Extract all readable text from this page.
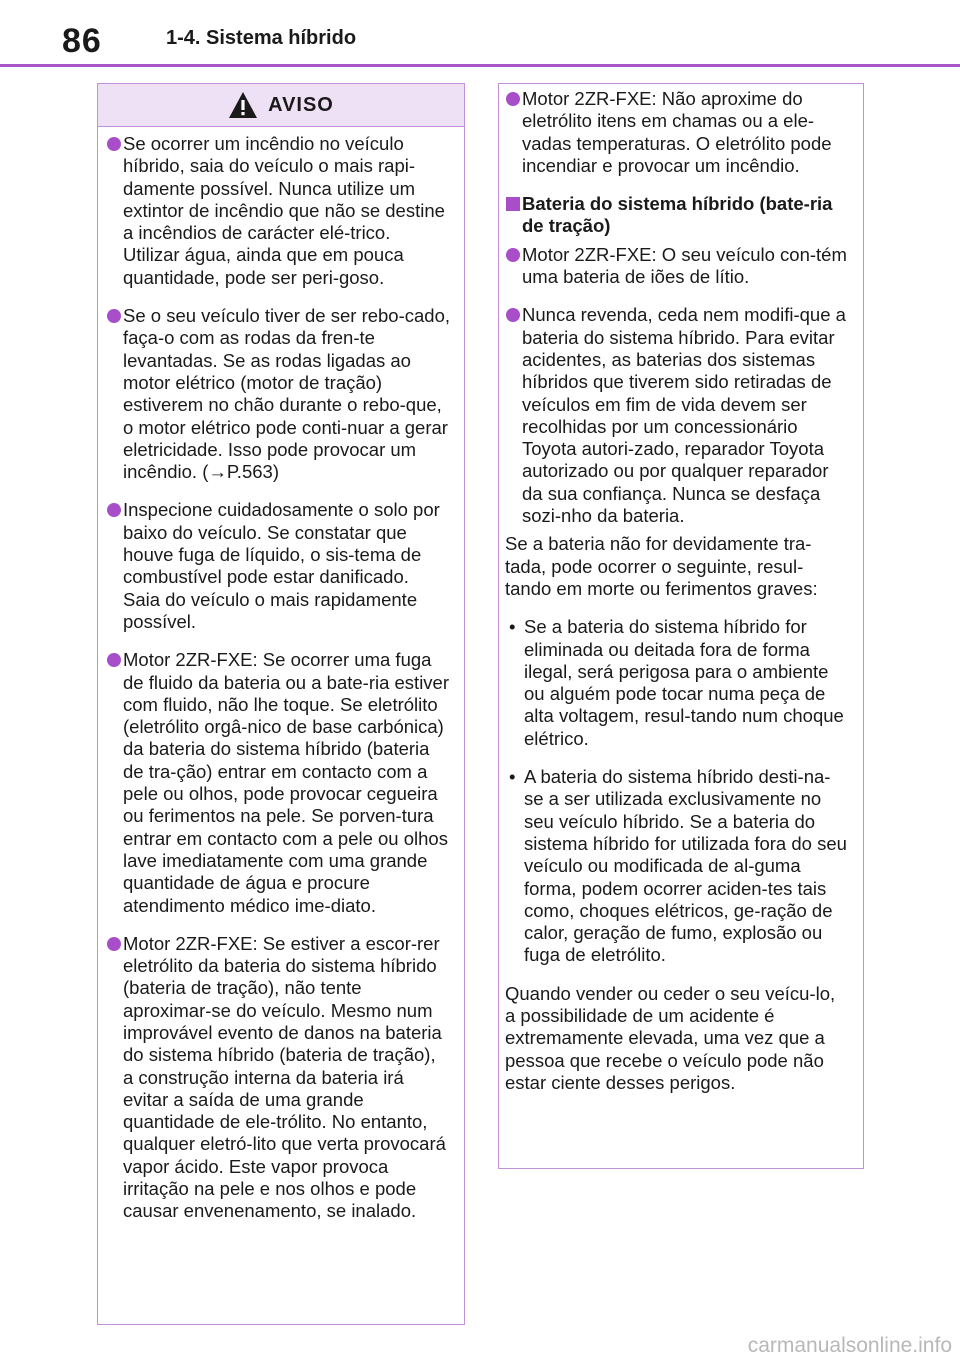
86	1-4. Sistema híbrido
AVISO
Se ocorrer um incêndio no veículo híbrido, saia do veículo o mais rapi-damente possível. Nunca utilize um extintor de incêndio que não se destine a incêndios de carácter elé-trico. Utilizar água, ainda que em pouca quantidade, pode ser peri-goso.
Se o seu veículo tiver de ser rebo-cado, faça-o com as rodas da fren-te levantadas. Se as rodas ligadas ao motor elétrico (motor de tração) estiverem no chão durante o rebo-que, o motor elétrico pode conti-nuar a gerar eletricidade. Isso pode provocar um incêndio. (→P.563)
Inspecione cuidadosamente o solo por baixo do veículo. Se constatar que houve fuga de líquido, o sis-tema de combustível pode estar danificado. Saia do veículo o mais rapidamente possível.
Motor 2ZR-FXE: Se ocorrer uma fuga de fluido da bateria ou a bate-ria estiver com fluido, não lhe toque. Se eletrólito (eletrólito orgâ-nico de base carbónica) da bateria do sistema híbrido (bateria de tra-ção) entrar em contacto com a pele ou olhos, pode provocar cegueira ou ferimentos na pele. Se porven-tura entrar em contacto com a pele ou olhos lave imediatamente com uma grande quantidade de água e procure atendimento médico ime-diato.
Motor 2ZR-FXE: Se estiver a escor-rer eletrólito da bateria do sistema híbrido (bateria de tração), não tente aproximar-se do veículo. Mesmo num improvável evento de danos na bateria do sistema híbrido (bateria de tração), a construção interna da bateria irá evitar a saída de uma grande quantidade de ele-trólito. No entanto, qualquer eletró-lito que verta provocará vapor ácido. Este vapor provoca irritação na pele e nos olhos e pode causar envenenamento, se inalado.
Motor 2ZR-FXE: Não aproxime do eletrólito itens em chamas ou a ele-vadas temperaturas. O eletrólito pode incendiar e provocar um incêndio.
Bateria do sistema híbrido (bate-ria de tração)
Motor 2ZR-FXE: O seu veículo con-tém uma bateria de iões de lítio.
Nunca revenda, ceda nem modifi-que a bateria do sistema híbrido. Para evitar acidentes, as baterias dos sistemas híbridos que tiverem sido retiradas de veículos em fim de vida devem ser recolhidas por um concessionário Toyota autori-zado, reparador Toyota autorizado ou por qualquer reparador da sua confiança. Nunca se desfaça sozi-nho da bateria.
Se a bateria não for devidamente tra-tada, pode ocorrer o seguinte, resul-tando em morte ou ferimentos graves:
• Se a bateria do sistema híbrido for eliminada ou deitada fora de forma ilegal, será perigosa para o ambiente ou alguém pode tocar numa peça de alta voltagem, resul-tando num choque elétrico.
• A bateria do sistema híbrido desti-na-se a ser utilizada exclusivamente no seu veículo híbrido. Se a bateria do sistema híbrido for utilizada fora do seu veículo ou modificada de al-guma forma, podem ocorrer aciden-tes tais como, choques elétricos, ge-ração de calor, geração de fumo, explosão ou fuga de eletrólito.
Quando vender ou ceder o seu veícu-lo, a possibilidade de um acidente é extremamente elevada, uma vez que a pessoa que recebe o veículo pode não estar ciente desses perigos.
carmanualsonline.info
